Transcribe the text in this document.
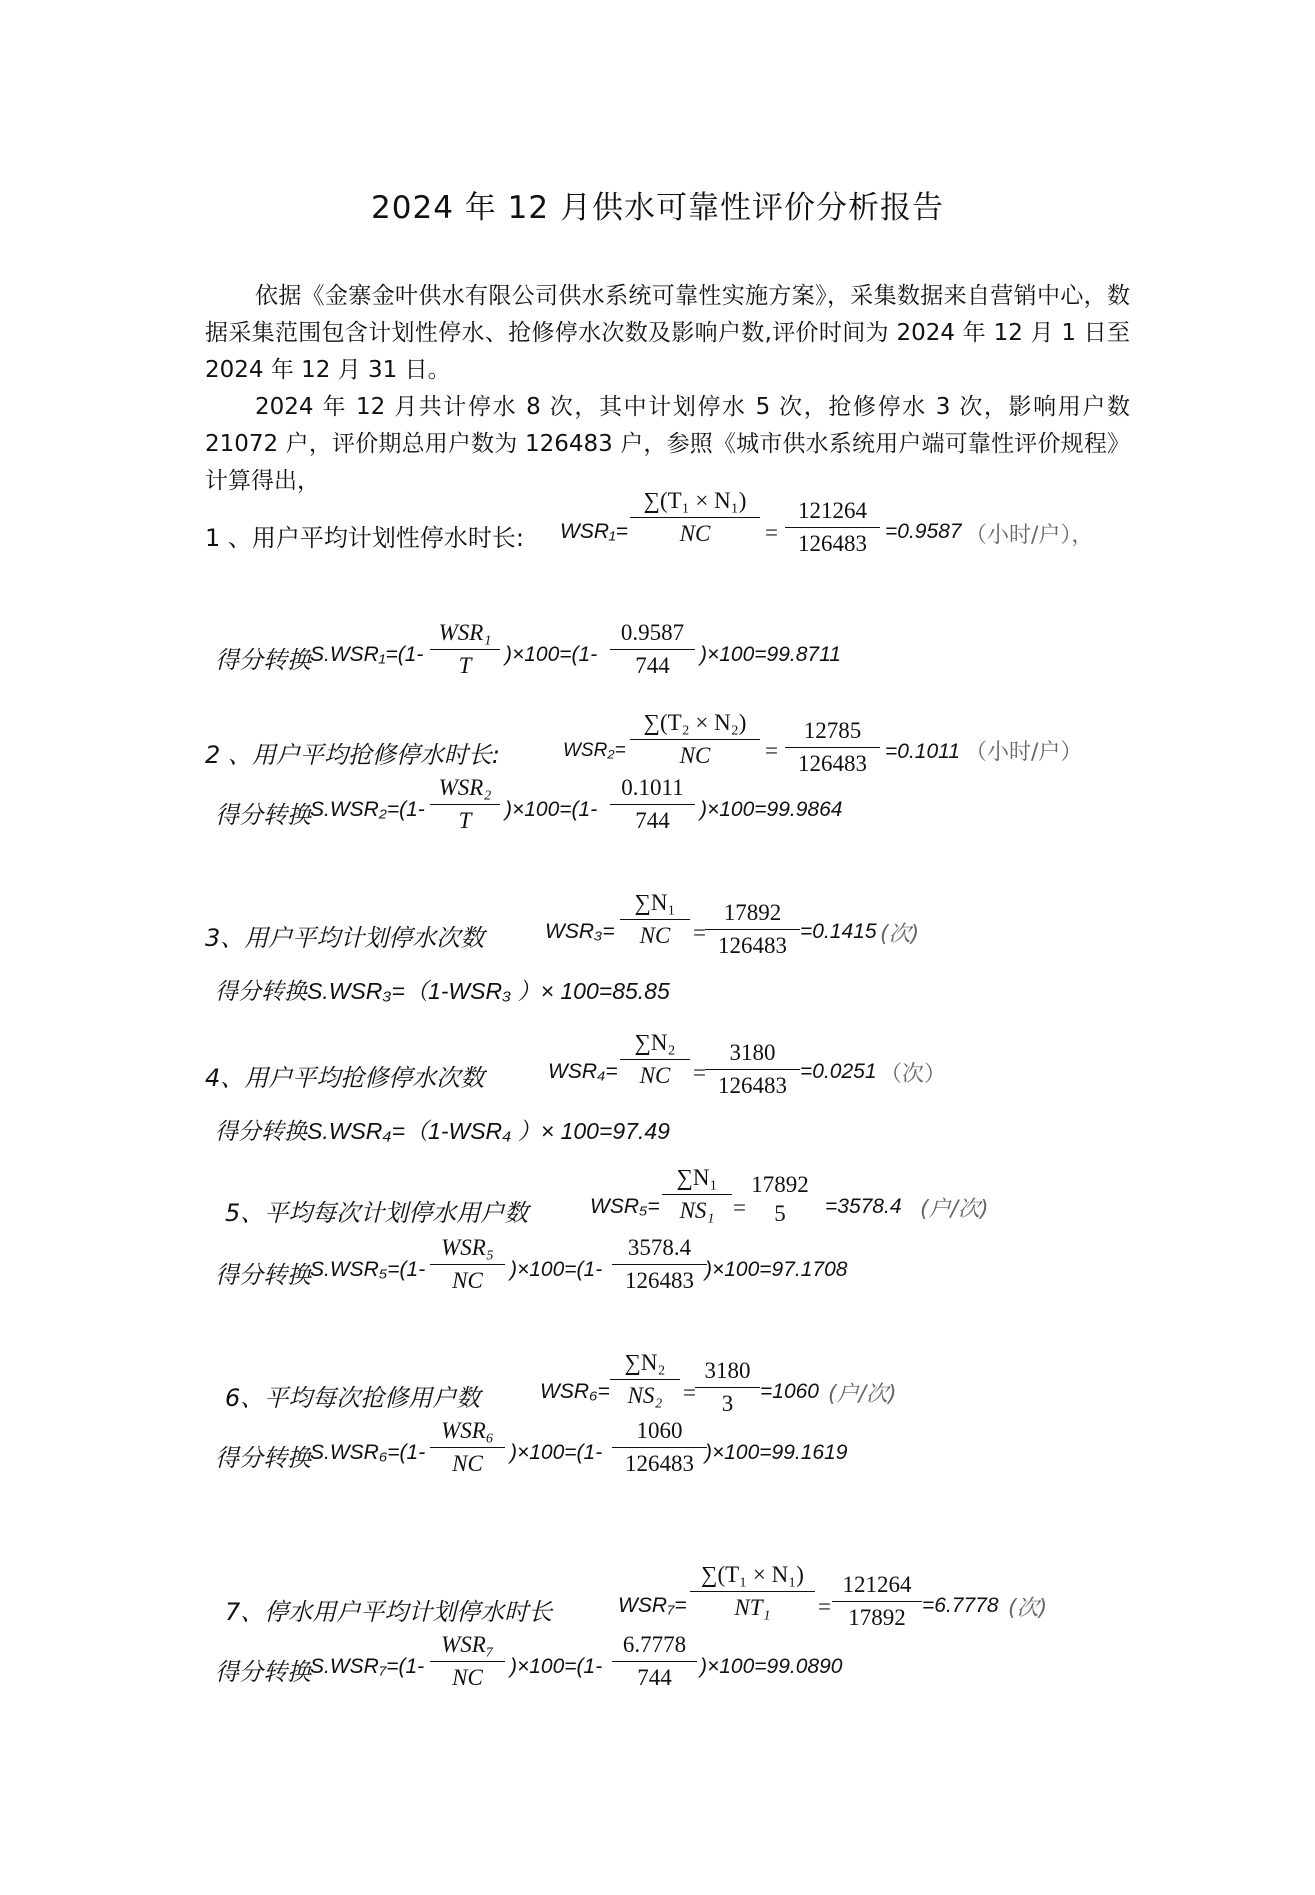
2024 年 12 月供水可靠性评价分析报告

依据《金寨金叶供水有限公司供水系统可靠性实施方案》，采集数据来自营销中心，数据采集范围包含计划性停水、抢修停水次数及影响户数,评价时间为 2024 年 12 月 1 日至 2024 年 12 月 31 日。

2024 年 12 月共计停水 8 次，其中计划停水 5 次，抢修停水 3 次，影响用户数 21072 户，评价期总用户数为 126483 户，参照《城市供水系统用户端可靠性评价规程》计算得出，

1 、用户平均计划性停水时长: WSR₁=
∑(T₁ × N₁)
NC	=
121264
126483 =0.9587 （小时/户），
得分转换 S.WSR₁=(1-
WSR₁
T	)×100=(1-
0.9587
744	)×100=99.8711
2 、用户平均抢修停水时长:	WSR₂=
∑(T₂ × N₂)
NC	=
12785
126483 =0.1011 （小时/户）
得分转换 S.WSR₂=(1-
WSR₂
T	)×100=(1-
0.1011
744	)×100=99.9864
3、用户平均计划停水次数	WSR₃=
∑N₁
NC =
17892
126483
=0.1415 (次)
得分转换S.WSR₃=（1-WSR₃ ）× 100=85.85
4、用户平均抢修停水次数	WSR₄=
∑N₂
NC =
3180
126483
=0.0251 （次）
得分转换S.WSR₄=（1-WSR₄ ）× 100=97.49
5、平均每次计划停水用户数	WSR₅=
∑N₁
NS₁ =
17892
5	=3578.4 (户/次)
得分转换 S.WSR₅=(1-
WSR₅
NC	)×100=(1-
3578.4
126483 )×100=97.1708
6、平均每次抢修用户数	WSR₆=
∑N₂
NS₂ =
3180
3	=1060 (户/次)
得分转换 S.WSR₆=(1-
WSR₆
NC	)×100=(1-
1060
126483 )×100=99.1619
7、停水用户平均计划停水时长	WSR₇=
∑(T₁ × N₁)
NT₁	=
121264
17892 =6.7778 (次)
得分转换 S.WSR₇=(1-
WSR₇
NC	)×100=(1-
6.7778
744	)×100=99.0890
